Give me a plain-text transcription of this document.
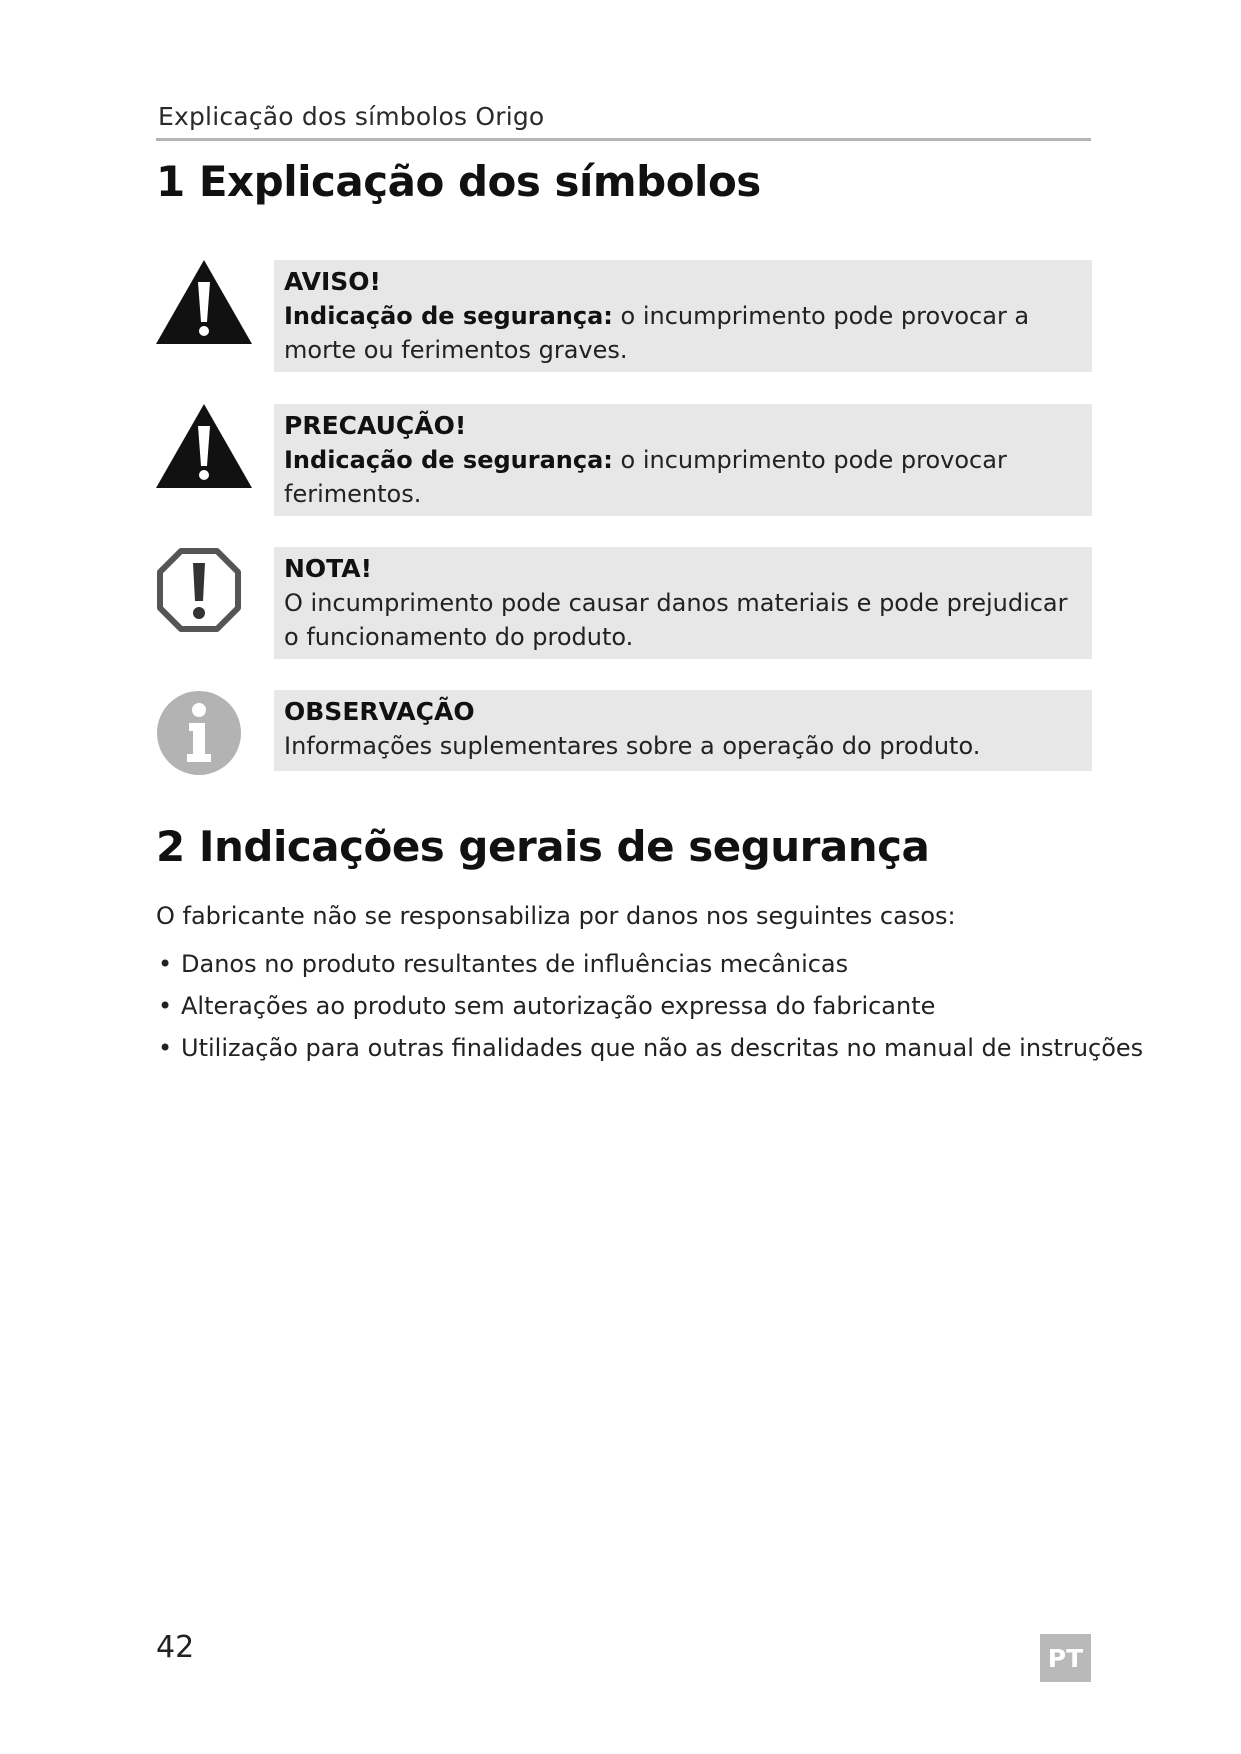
Explicação dos símbolos Origo
1 Explicação dos símbolos
AVISO!
Indicação de segurança: o incumprimento pode provocar a morte ou ferimentos graves.
PRECAUÇÃO!
Indicação de segurança: o incumprimento pode provocar ferimentos.
NOTA!
O incumprimento pode causar danos materiais e pode prejudicar o funcionamento do produto.
OBSERVAÇÃO
Informações suplementares sobre a operação do produto.
2 Indicações gerais de segurança
O fabricante não se responsabiliza por danos nos seguintes casos:
• Danos no produto resultantes de influências mecânicas
• Alterações ao produto sem autorização expressa do fabricante
• Utilização para outras finalidades que não as descritas no manual de instruções
42	PT
